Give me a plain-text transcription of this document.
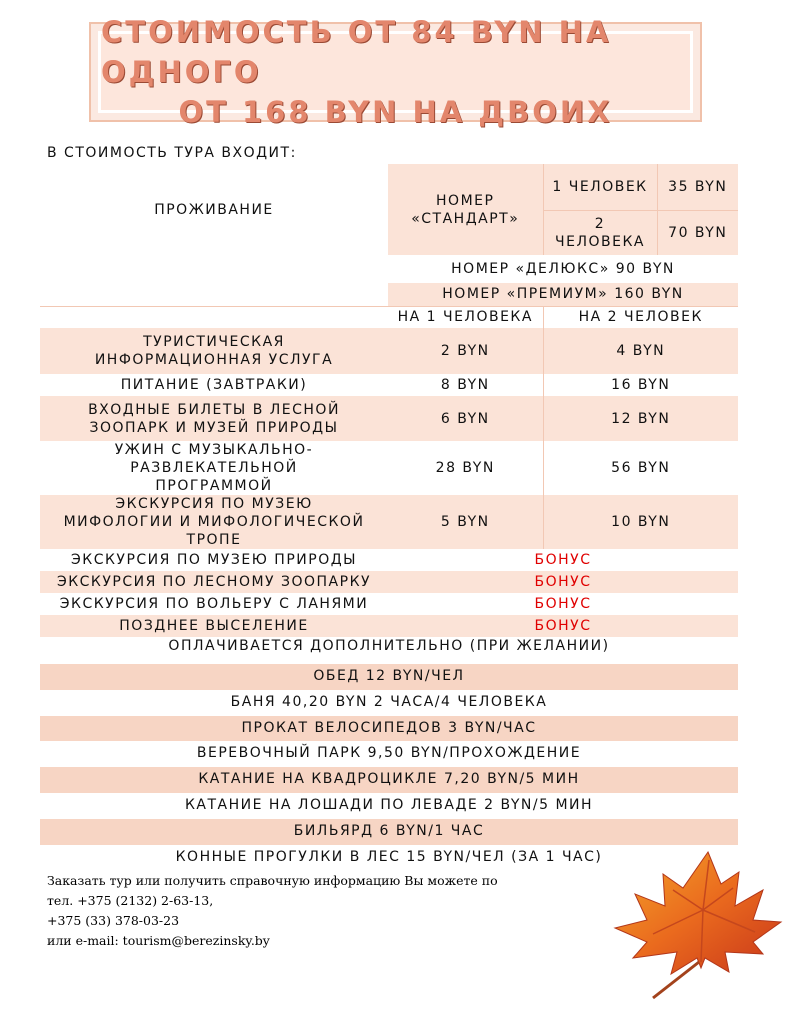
СТОИМОСТЬ ОТ 84 BYN НА ОДНОГО
ОТ 168 BYN НА ДВОИХ
В СТОИМОСТЬ ТУРА ВХОДИТ:
ПРОЖИВАНИЕ	НОМЕР «СТАНДАРТ»	1 ЧЕЛОВЕК	35 BYN
		2 ЧЕЛОВЕКА	70 BYN
	НОМЕР «ДЕЛЮКС» 90 BYN		
	НОМЕР «ПРЕМИУМ» 160 BYN		
	НА 1 ЧЕЛОВЕКА	НА 2 ЧЕЛОВЕК	
ТУРИСТИЧЕСКАЯ ИНФОРМАЦИОННАЯ УСЛУГА	2 BYN	4 BYN	
ПИТАНИЕ (ЗАВТРАКИ)	8 BYN	16 BYN	
ВХОДНЫЕ БИЛЕТЫ В ЛЕСНОЙ ЗООПАРК И МУЗЕЙ ПРИРОДЫ	6 BYN	12 BYN	
УЖИН С МУЗЫКАЛЬНО-РАЗВЛЕКАТЕЛЬНОЙ ПРОГРАММОЙ	28 BYN	56 BYN	
ЭКСКУРСИЯ ПО МУЗЕЮ МИФОЛОГИИ И МИФОЛОГИЧЕСКОЙ ТРОПЕ	5 BYN	10 BYN	
ЭКСКУРСИЯ ПО МУЗЕЮ ПРИРОДЫ	БОНУС		
ЭКСКУРСИЯ ПО ЛЕСНОМУ ЗООПАРКУ	БОНУС		
ЭКСКУРСИЯ ПО ВОЛЬЕРУ С ЛАНЯМИ	БОНУС		
ПОЗДНЕЕ ВЫСЕЛЕНИЕ	БОНУС		
ОПЛАЧИВАЕТСЯ ДОПОЛНИТЕЛЬНО (ПРИ ЖЕЛАНИИ)
ОБЕД 12 BYN/ЧЕЛ
БАНЯ 40,20 BYN 2 ЧАСА/4 ЧЕЛОВЕКА
ПРОКАТ ВЕЛОСИПЕДОВ 3 BYN/ЧАС
ВЕРЕВОЧНЫЙ ПАРК 9,50 BYN/ПРОХОЖДЕНИЕ
КАТАНИЕ НА КВАДРОЦИКЛЕ 7,20 BYN/5 МИН
КАТАНИЕ НА ЛОШАДИ ПО ЛЕВАДЕ 2 BYN/5 МИН
БИЛЬЯРД 6 BYN/1 ЧАС
КОННЫЕ ПРОГУЛКИ В ЛЕС 15 BYN/ЧЕЛ (ЗА 1 ЧАС)
Заказать тур или получить справочную информацию Вы можете по
тел. +375 (2132) 2-63-13,
+375 (33) 378-03-23
или e-mail: tourism@berezinsky.by
